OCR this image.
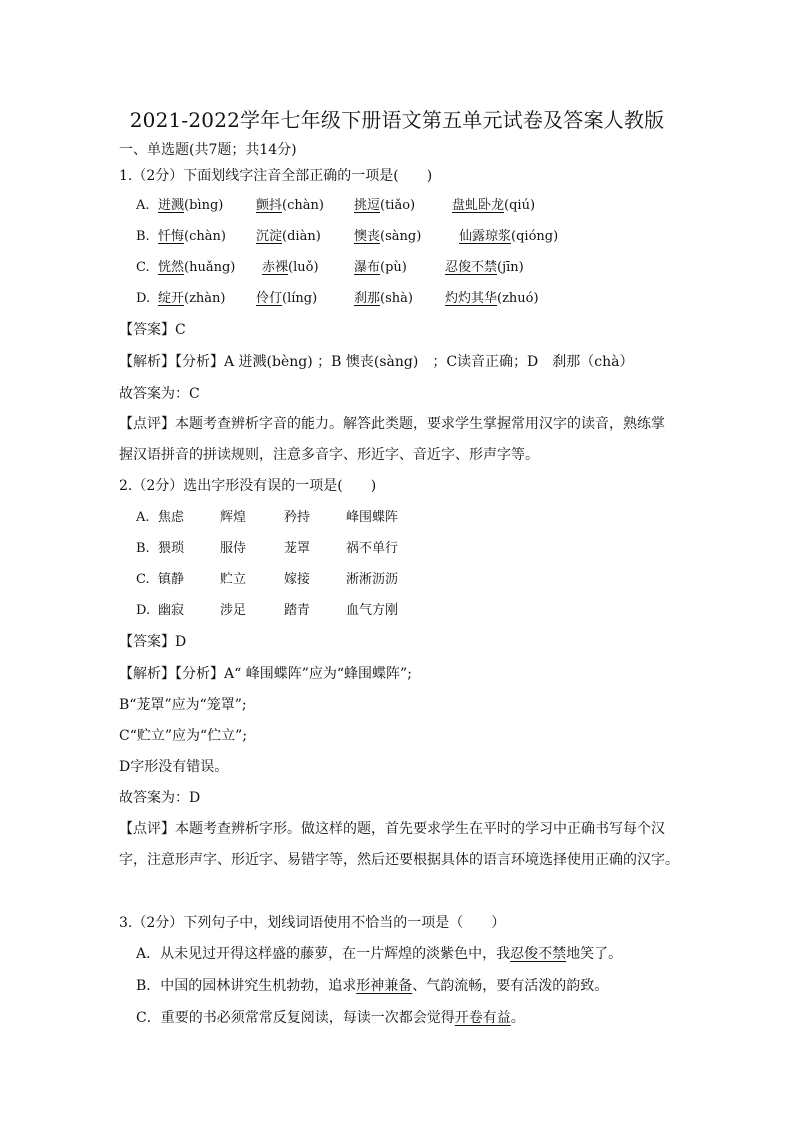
2021-2022学年七年级下册语文第五单元试卷及答案人教版
一、单选题(共7题；共14分)
1.（2分）下面划线字注音全部正确的一项是(　　)
A. 迸溅(bìng)	颤抖(chàn) 挑逗(tiǎo)	盘虬卧龙(qiú)
B. 忏悔(chàn) 沉淀(diàn)	懊丧(sàng)	仙露琼浆(qióng)
C. 恍然(huǎng) 赤裸(luǒ)	瀑布(pù)	忍俊不禁(jīn)
D. 绽开(zhàn) 伶仃(líng)	刹那(shà) 灼灼其华(zhuó)
【答案】C
【解析】【分析】A 迸溅(bèng) ；B 懊丧(sàng)　；C读音正确；D　刹那（chà）
故答案为：C
【点评】本题考查辨析字音的能力。解答此类题，要求学生掌握常用汉字的读音，熟练掌
握汉语拼音的拼读规则，注意多音字、形近字、音近字、形声字等。
2.（2分）选出字形没有误的一项是(　　)
A. 焦虑	辉煌	矜持	峰围蝶阵
B. 猥琐	服侍	茏罩	祸不单行
C. 镇静	贮立	嫁接	淅淅沥沥
D. 幽寂	涉足	踏青	血气方刚
【答案】D
【解析】【分析】A“ 峰围蝶阵”应为“蜂围蝶阵”;
B“茏罩”应为“笼罩”;
C“贮立”应为“伫立”;
D字形没有错误。
故答案为：D
【点评】本题考查辨析字形。做这样的题，首先要求学生在平时的学习中正确书写每个汉
字，注意形声字、形近字、易错字等，然后还要根据具体的语言环境选择使用正确的汉字。
3.（2分）下列句子中，划线词语使用不恰当的一项是（　　）
A．从未见过开得这样盛的藤萝，在一片辉煌的淡紫色中，我忍俊不禁地笑了。
B．中国的园林讲究生机勃勃，追求形神兼备、气韵流畅，要有活泼的韵致。
C．重要的书必须常常反复阅读，每读一次都会觉得开卷有益。
